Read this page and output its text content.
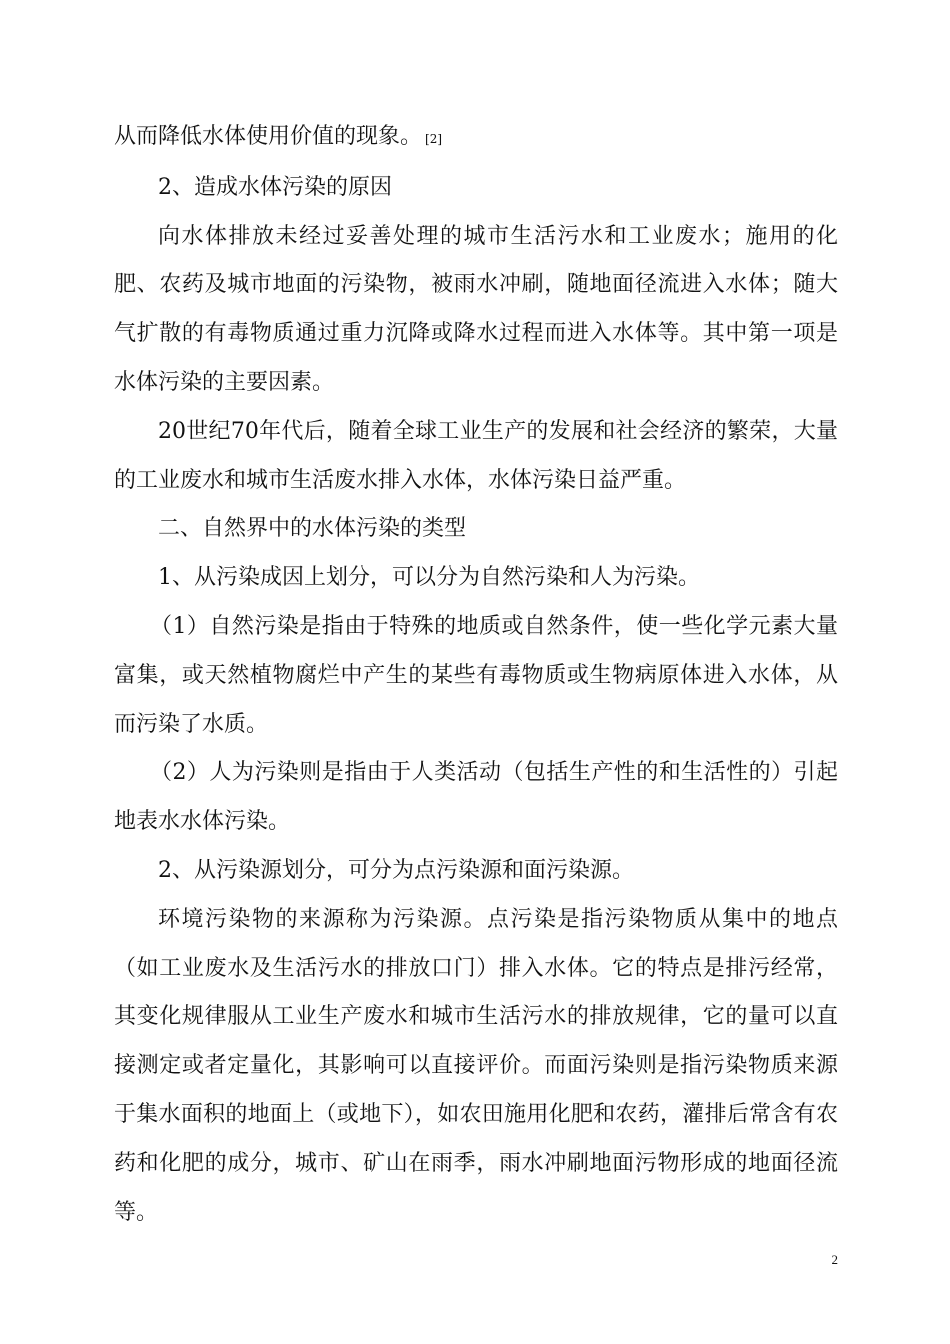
从而降低水体使用价值的现象。 [2]

2、造成水体污染的原因

向水体排放未经过妥善处理的城市生活污水和工业废水；施用的化肥、农药及城市地面的污染物，被雨水冲刷，随地面径流进入水体；随大气扩散的有毒物质通过重力沉降或降水过程而进入水体等。其中第一项是水体污染的主要因素。

20世纪70年代后，随着全球工业生产的发展和社会经济的繁荣，大量的工业废水和城市生活废水排入水体，水体污染日益严重。

二、自然界中的水体污染的类型

1、从污染成因上划分，可以分为自然污染和人为污染。

（1）自然污染是指由于特殊的地质或自然条件，使一些化学元素大量富集，或天然植物腐烂中产生的某些有毒物质或生物病原体进入水体，从而污染了水质。

（2）人为污染则是指由于人类活动（包括生产性的和生活性的）引起地表水水体污染。

2、从污染源划分，可分为点污染源和面污染源。

环境污染物的来源称为污染源。点污染是指污染物质从集中的地点（如工业废水及生活污水的排放口门）排入水体。它的特点是排污经常，其变化规律服从工业生产废水和城市生活污水的排放规律，它的量可以直接测定或者定量化，其影响可以直接评价。而面污染则是指污染物质来源于集水面积的地面上（或地下），如农田施用化肥和农药，灌排后常含有农药和化肥的成分，城市、矿山在雨季，雨水冲刷地面污物形成的地面径流等。

2
